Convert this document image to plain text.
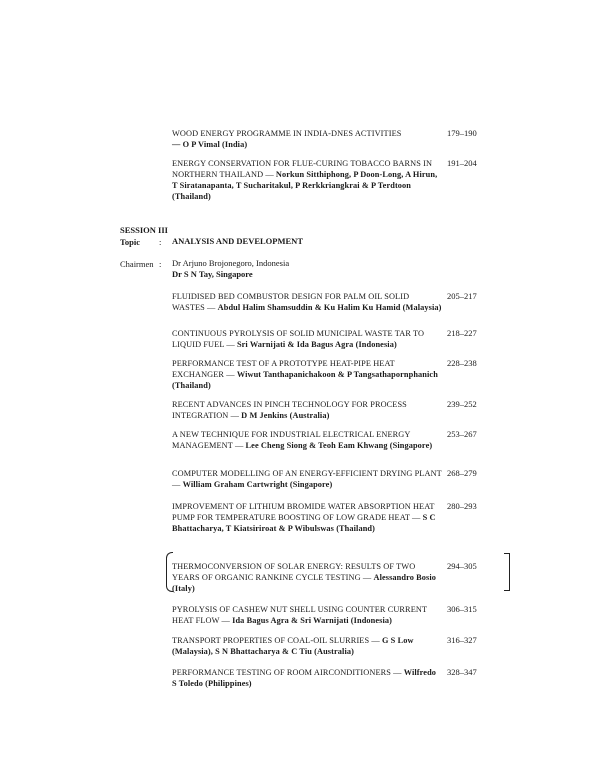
WOOD ENERGY PROGRAMME IN INDIA-DNES ACTIVITIES
— O P Vimal (India)
179–190
ENERGY CONSERVATION FOR FLUE-CURING TOBACCO BARNS IN NORTHERN THAILAND — Norkun Sitthiphong, P Doon-Long, A Hirun, T Siratanapanta, T Sucharitakul, P Rerkkriangkrai & P Terdtoon (Thailand)
191–204
SESSION III
Topic : ANALYSIS AND DEVELOPMENT
Chairmen : Dr Arjuno Brojonegoro, Indonesia
Dr S N Tay, Singapore
FLUIDISED BED COMBUSTOR DESIGN FOR PALM OIL SOLID WASTES — Abdul Halim Shamsuddin & Ku Halim Ku Hamid (Malaysia)
205–217
CONTINUOUS PYROLYSIS OF SOLID MUNICIPAL WASTE TAR TO LIQUID FUEL — Sri Warnijati & Ida Bagus Agra (Indonesia)
218–227
PERFORMANCE TEST OF A PROTOTYPE HEAT-PIPE HEAT EXCHANGER — Wiwut Tanthapanichakoon & P Tangsathapornphanich (Thailand)
228–238
RECENT ADVANCES IN PINCH TECHNOLOGY FOR PROCESS INTEGRATION — D M Jenkins (Australia)
239–252
A NEW TECHNIQUE FOR INDUSTRIAL ELECTRICAL ENERGY MANAGEMENT — Lee Cheng Siong & Teoh Eam Khwang (Singapore)
253–267
COMPUTER MODELLING OF AN ENERGY-EFFICIENT DRYING PLANT — William Graham Cartwright (Singapore)
268–279
IMPROVEMENT OF LITHIUM BROMIDE WATER ABSORPTION HEAT PUMP FOR TEMPERATURE BOOSTING OF LOW GRADE HEAT — S C Bhattacharya, T Kiatsiriroat & P Wibulswas (Thailand)
280–293
THERMOCONVERSION OF SOLAR ENERGY: RESULTS OF TWO YEARS OF ORGANIC RANKINE CYCLE TESTING — Alessandro Bosio (Italy)
294–305
PYROLYSIS OF CASHEW NUT SHELL USING COUNTER CURRENT HEAT FLOW — Ida Bagus Agra & Sri Warnijati (Indonesia)
306–315
TRANSPORT PROPERTIES OF COAL-OIL SLURRIES — G S Low (Malaysia), S N Bhattacharya & C Tiu (Australia)
316–327
PERFORMANCE TESTING OF ROOM AIRCONDITIONERS — Wilfredo S Toledo (Philippines)
328–347
